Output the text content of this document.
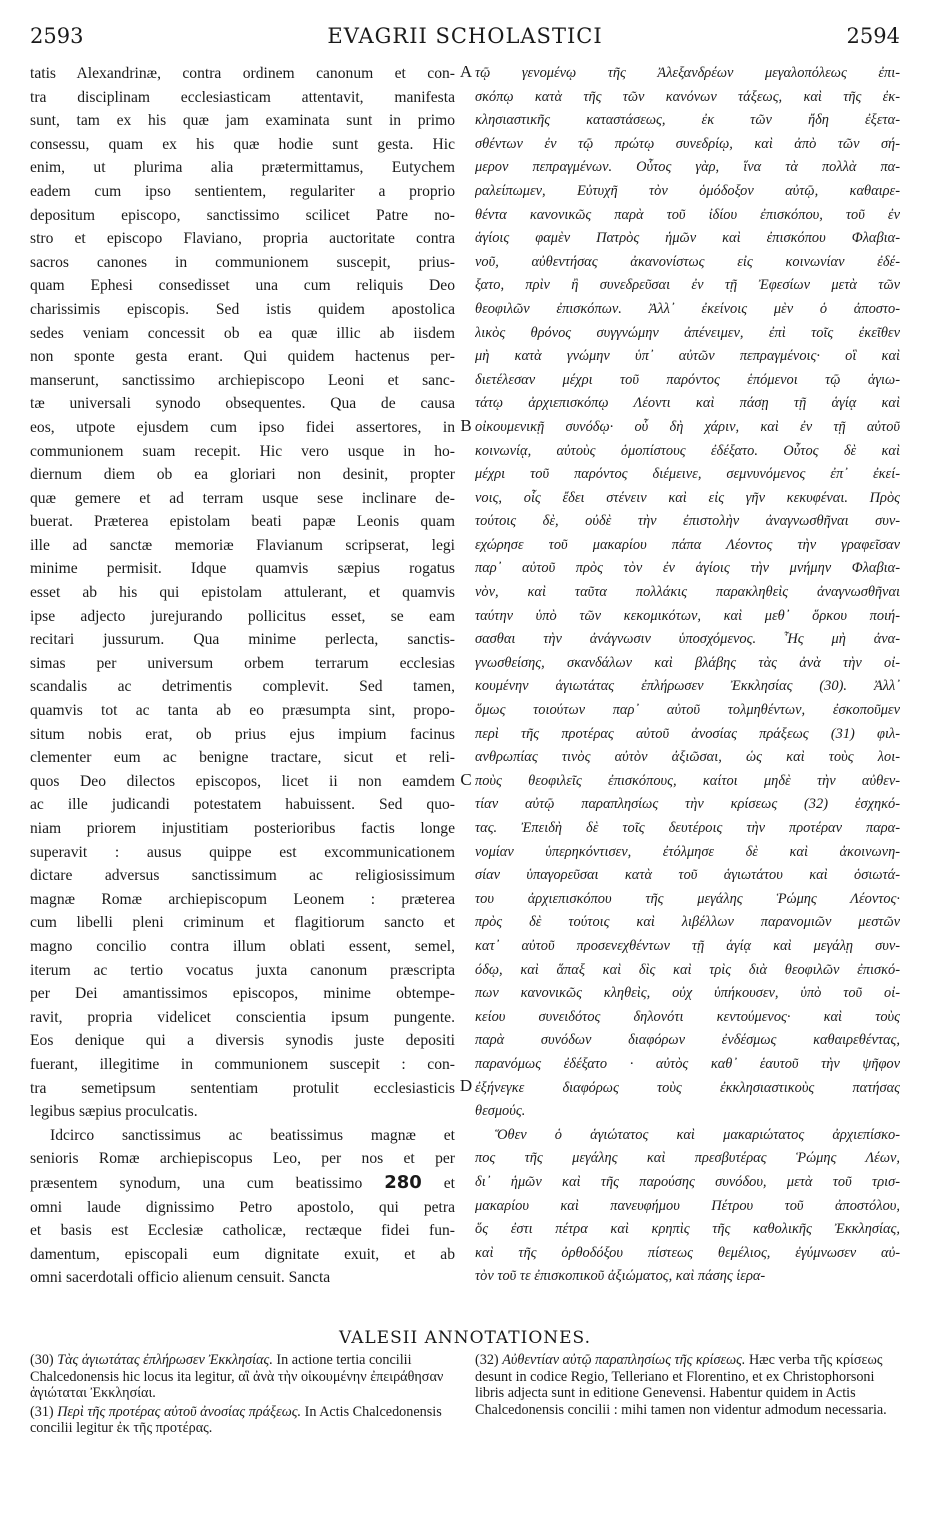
2593	EVAGRII SCHOLASTICI	2594
tatis Alexandrinæ, contra ordinem canonum et con-
tra disciplinam ecclesiasticam attentavit, manifesta
sunt, tam ex his quæ jam examinata sunt in primo
consessu, quam ex his quæ hodie sunt gesta. Hic
enim, ut plurima alia prætermittamus, Eutychem
eadem cum ipso sentientem, regulariter a proprio
depositum episcopo, sanctissimo scilicet Patre no-
stro et episcopo Flaviano, propria auctoritate contra
sacros canones in communionem suscepit, prius-
quam Ephesi consedisset una cum reliquis Deo
charissimis episcopis. Sed istis quidem apostolica
sedes veniam concessit ob ea quæ illic ab iisdem
non sponte gesta erant. Qui quidem hactenus per-
manserunt, sanctissimo archiepiscopo Leoni et sanc-
tæ universali synodo obsequentes. Qua de causa
eos, utpote ejusdem cum ipso fidei assertores, in
communionem suam recepit. Hic vero usque in ho-
diernum diem ob ea gloriari non desinit, propter
quæ gemere et ad terram usque sese inclinare de-
buerat. Præterea epistolam beati papæ Leonis quam
ille ad sanctæ memoriæ Flavianum scripserat, legi
minime permisit. Idque quamvis sæpius rogatus
esset ab his qui epistolam attulerant, et quamvis
ipse adjecto jurejurando pollicitus esset, se eam
recitari jussurum. Qua minime perlecta, sanctis-
simas per universum orbem terrarum ecclesias
scandalis ac detrimentis complevit. Sed tamen,
quamvis tot ac tanta ab eo præsumpta sint, propo-
situm nobis erat, ob prius ejus impium facinus
clementer eum ac benigne tractare, sicut et reli-
quos Deo dilectos episcopos, licet ii non eamdem
ac ille judicandi potestatem habuissent. Sed quo-
niam priorem injustitiam posterioribus factis longe
superavit : ausus quippe est excommunicationem
dictare adversus sanctissimum ac religiosissimum
magnæ Romæ archiepiscopum Leonem : præterea
cum libelli pleni criminum et flagitiorum sancto et
magno concilio contra illum oblati essent, semel,
iterum ac tertio vocatus juxta canonum præscripta
per Dei amantissimos episcopos, minime obtempe-
ravit, propria videlicet conscientia ipsum pungente.
Eos denique qui a diversis synodis juste depositi
fuerant, illegitime in communionem suscepit : con-
tra semetipsum sententiam protulit ecclesiasticis
legibus sæpius proculcatis.
Idcirco sanctissimus ac beatissimus magnæ et
senioris Romæ archiepiscopus Leo, per nos et per
præsentem synodum, una cum beatissimo 280 et
omni laude dignissimo Petro apostolo, qui petra
et basis est Ecclesiæ catholicæ, rectæque fidei fun-
damentum, episcopali eum dignitate exuit, et ab
omni sacerdotali officio alienum censuit. Sancta
τῷ γενομένῳ τῆς Ἀλεξανδρέων μεγαλοπόλεως ἐπι-
σκόπῳ κατὰ τῆς τῶν κανόνων τάξεως, καὶ τῆς ἐκ-
κλησιαστικῆς καταστάσεως, ἐκ τῶν ἤδη ἐξετα-
σθέντων ἐν τῷ πρώτῳ συνεδρίῳ, καὶ ἀπὸ τῶν σή-
μερον πεπραγμένων. Οὗτος γὰρ, ἵνα τὰ πολλὰ πα-
ραλείπωμεν, Εὐτυχῆ τὸν ὁμόδοξον αὐτῷ, καθαιρε-
θέντα κανονικῶς παρὰ τοῦ ἰδίου ἐπισκόπου, τοῦ ἐν
ἁγίοις φαμὲν Πατρὸς ἡμῶν καὶ ἐπισκόπου Φλαβια-
νοῦ, αὐθεντήσας ἀκανονίστως εἰς κοινωνίαν ἐδέ-
ξατο, πρὶν ἢ συνεδρεῦσαι ἐν τῇ Ἐφεσίων μετὰ τῶν
θεοφιλῶν ἐπισκόπων. Ἀλλ᾽ ἐκείνοις μὲν ὁ ἀποστο-
λικὸς θρόνος συγγνώμην ἀπένειμεν, ἐπὶ τοῖς ἐκεῖθεν
μὴ κατὰ γνώμην ὑπ᾽ αὐτῶν πεπραγμένοις· οἳ καὶ
διετέλεσαν μέχρι τοῦ παρόντος ἑπόμενοι τῷ ἁγιω-
τάτῳ ἀρχιεπισκόπῳ Λέοντι καὶ πάσῃ τῇ ἁγίᾳ καὶ
οἰκουμενικῇ συνόδῳ· οὗ δὴ χάριν, καὶ ἐν τῇ αὐτοῦ
κοινωνίᾳ, αὐτοὺς ὁμοπίστους ἐδέξατο. Οὗτος δὲ καὶ
μέχρι τοῦ παρόντος διέμεινε, σεμνυνόμενος ἐπ᾽ ἐκεί-
νοις, οἷς ἔδει στένειν καὶ εἰς γῆν κεκυφέναι. Πρὸς
τούτοις δὲ, οὐδὲ τὴν ἐπιστολὴν ἀναγνωσθῆναι συν-
εχώρησε τοῦ μακαρίου πάπα Λέοντος τὴν γραφεῖσαν
παρ᾽ αὐτοῦ πρὸς τὸν ἐν ἁγίοις τὴν μνήμην Φλαβια-
νὸν, καὶ ταῦτα πολλάκις παρακληθεὶς ἀναγνωσθῆναι
ταύτην ὑπὸ τῶν κεκομικότων, καὶ μεθ᾽ ὅρκου ποιή-
σασθαι τὴν ἀνάγνωσιν ὑποσχόμενος. Ἧς μὴ ἀνα-
γνωσθείσης, σκανδάλων καὶ βλάβης τὰς ἀνὰ τὴν οἰ-
κουμένην ἁγιωτάτας ἐπλήρωσεν Ἐκκλησίας (30). Ἀλλ᾽
ὅμως τοιούτων παρ᾽ αὐτοῦ τολμηθέντων, ἐσκοποῦμεν
περὶ τῆς προτέρας αὐτοῦ ἀνοσίας πράξεως (31) φιλ-
ανθρωπίας τινὸς αὐτὸν ἀξιῶσαι, ὡς καὶ τοὺς λοι-
ποὺς θεοφιλεῖς ἐπισκόπους, καίτοι μηδὲ τὴν αὐθεν-
τίαν αὐτῷ παραπλησίως τὴν κρίσεως (32) ἐσχηκό-
τας. Ἐπειδὴ δὲ τοῖς δευτέροις τὴν προτέραν παρα-
νομίαν ὑπερηκόντισεν, ἐτόλμησε δὲ καὶ ἀκοινωνη-
σίαν ὑπαγορεῦσαι κατὰ τοῦ ἁγιωτάτου καὶ ὁσιωτά-
του ἀρχιεπισκόπου τῆς μεγάλης Ῥώμης Λέοντος·
πρὸς δὲ τούτοις καὶ λιβέλλων παρανομιῶν μεστῶν
κατ᾽ αὐτοῦ προσενεχθέντων τῇ ἁγίᾳ καὶ μεγάλῃ συν-
όδῳ, καὶ ἅπαξ καὶ δὶς καὶ τρὶς διὰ θεοφιλῶν ἐπισκό-
πων κανονικῶς κληθεὶς, οὐχ ὑπήκουσεν, ὑπὸ τοῦ οἰ-
κείου συνειδότος δηλονότι κεντούμενος· καὶ τοὺς
παρὰ συνόδων διαφόρων ἐνδέσμως καθαιρεθέντας,
παρανόμως ἐδέξατο · αὐτὸς καθ᾽ ἑαυτοῦ τὴν ψῆφον
ἐξήνεγκε διαφόρως τοὺς ἐκκλησιαστικοὺς πατήσας
θεσμούς.
Ὅθεν ὁ ἁγιώτατος καὶ μακαριώτατος ἀρχιεπίσκο-
πος τῆς μεγάλης καὶ πρεσβυτέρας Ῥώμης Λέων,
δι᾽ ἡμῶν καὶ τῆς παρούσης συνόδου, μετὰ τοῦ τρισ-
μακαρίου καὶ πανευφήμου Πέτρου τοῦ ἀποστόλου,
ὅς ἐστι πέτρα καὶ κρηπὶς τῆς καθολικῆς Ἐκκλησίας,
καὶ τῆς ὀρθοδόξου πίστεως θεμέλιος, ἐγύμνωσεν αὐ-
τὸν τοῦ τε ἐπισκοπικοῦ ἀξιώματος, καὶ πάσης ἱερα-
A
B
C
D
VALESII ANNOTATIONES.
(30) Τὰς ἁγιωτάτας ἐπλήρωσεν Ἐκκλησίας. In actione tertia concilii Chalcedonensis hic locus ita legitur, αἳ ἀνὰ τὴν οἰκουμένην ἐπειράθησαν ἁγιώταται Ἐκκλησίαι.
(31) Περὶ τῆς προτέρας αὐτοῦ ἀνοσίας πράξεως. In Actis Chalcedonensis concilii legitur ἐκ τῆς προτέρας.
(32) Αὐθεντίαν αὐτῷ παραπλησίως τῆς κρίσεως. Hæc verba τῆς κρίσεως desunt in codice Regio, Telleriano et Florentino, et ex Christophorsoni libris adjecta sunt in editione Genevensi. Habentur quidem in Actis Chalcedonensis concilii : mihi tamen non videntur admodum necessaria.
